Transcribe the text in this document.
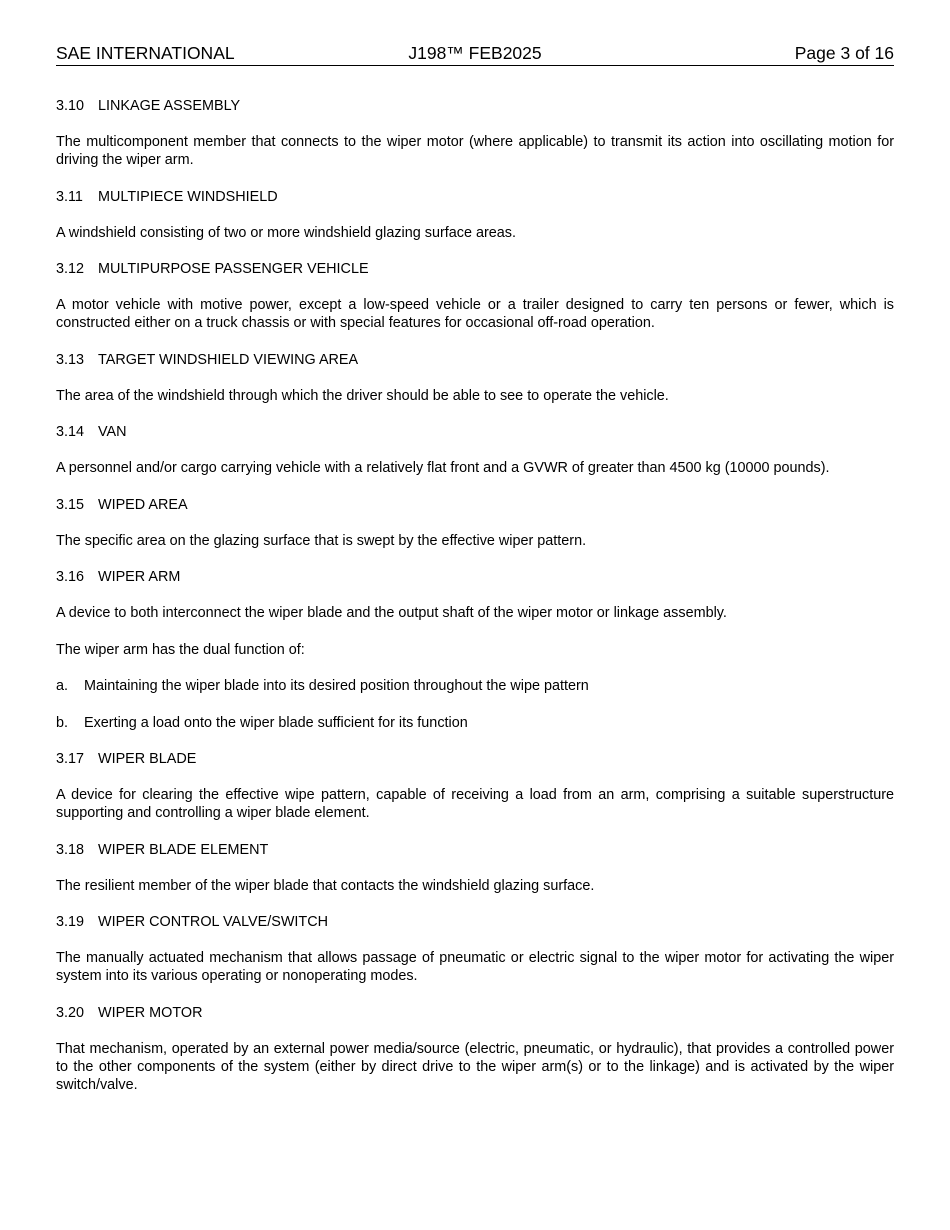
SAE INTERNATIONAL	J198™ FEB2025	Page 3 of 16
3.10 LINKAGE ASSEMBLY

The multicomponent member that connects to the wiper motor (where applicable) to transmit its action into oscillating motion for driving the wiper arm.

3.11 MULTIPIECE WINDSHIELD

A windshield consisting of two or more windshield glazing surface areas.

3.12 MULTIPURPOSE PASSENGER VEHICLE

A motor vehicle with motive power, except a low-speed vehicle or a trailer designed to carry ten persons or fewer, which is constructed either on a truck chassis or with special features for occasional off-road operation.

3.13 TARGET WINDSHIELD VIEWING AREA

The area of the windshield through which the driver should be able to see to operate the vehicle.

3.14 VAN

A personnel and/or cargo carrying vehicle with a relatively flat front and a GVWR of greater than 4500 kg (10000 pounds).

3.15 WIPED AREA

The specific area on the glazing surface that is swept by the effective wiper pattern.

3.16 WIPER ARM

A device to both interconnect the wiper blade and the output shaft of the wiper motor or linkage assembly.

The wiper arm has the dual function of:

a. Maintaining the wiper blade into its desired position throughout the wipe pattern
b. Exerting a load onto the wiper blade sufficient for its function
3.17 WIPER BLADE

A device for clearing the effective wipe pattern, capable of receiving a load from an arm, comprising a suitable superstructure supporting and controlling a wiper blade element.

3.18 WIPER BLADE ELEMENT

The resilient member of the wiper blade that contacts the windshield glazing surface.

3.19 WIPER CONTROL VALVE/SWITCH

The manually actuated mechanism that allows passage of pneumatic or electric signal to the wiper motor for activating the wiper system into its various operating or nonoperating modes.

3.20 WIPER MOTOR

That mechanism, operated by an external power media/source (electric, pneumatic, or hydraulic), that provides a controlled power to the other components of the system (either by direct drive to the wiper arm(s) or to the linkage) and is activated by the wiper switch/valve.
